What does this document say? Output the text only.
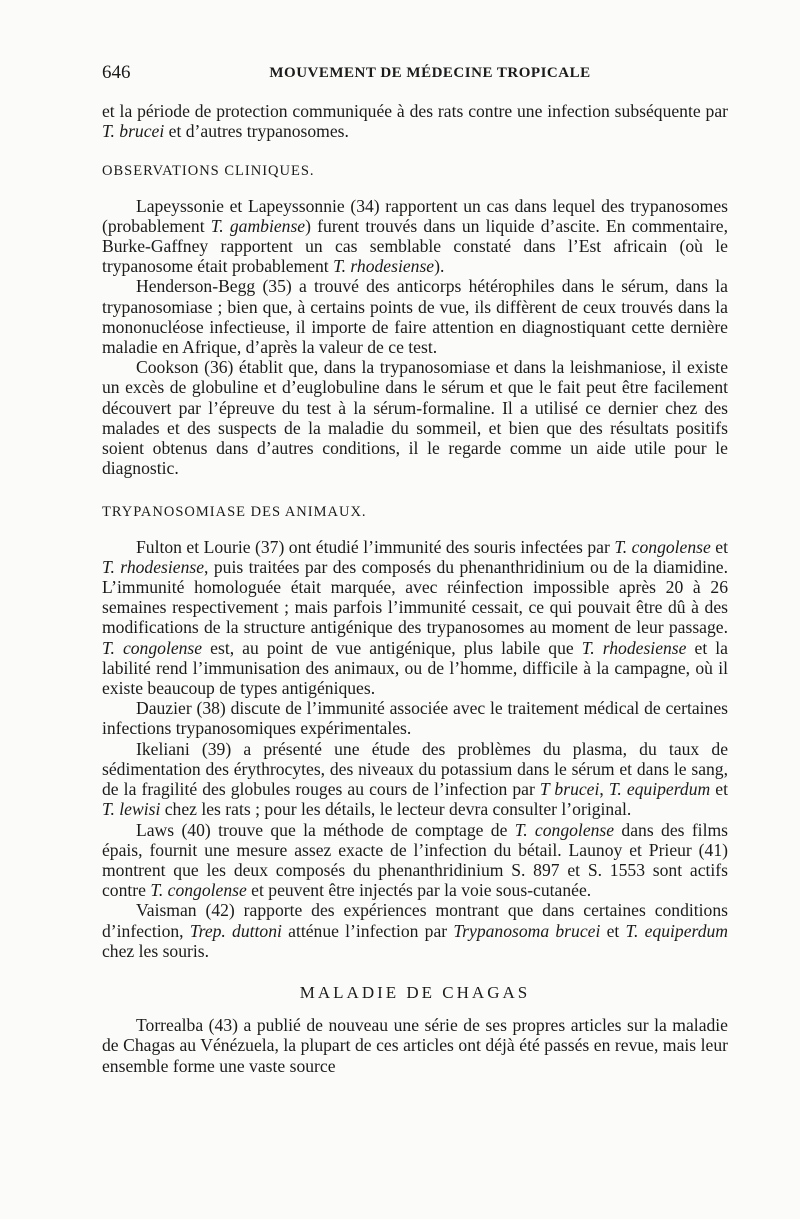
646	MOUVEMENT DE MÉDECINE TROPICALE

et la période de protection communiquée à des rats contre une infection subséquente par T. brucei et d’autres trypanosomes.

OBSERVATIONS CLINIQUES.

Lapeyssonie et Lapeyssonnie (34) rapportent un cas dans lequel des trypanosomes (probablement T. gambiense) furent trouvés dans un liquide d’ascite. En commentaire, Burke-Gaffney rapportent un cas semblable constaté dans l’Est africain (où le trypanosome était probablement T. rhodesiense).

Henderson-Begg (35) a trouvé des anticorps hétérophiles dans le sérum, dans la trypanosomiase ; bien que, à certains points de vue, ils diffèrent de ceux trouvés dans la mononucléose infectieuse, il importe de faire attention en diagnostiquant cette dernière maladie en Afrique, d’après la valeur de ce test.

Cookson (36) établit que, dans la trypanosomiase et dans la leishmaniose, il existe un excès de globuline et d’euglobuline dans le sérum et que le fait peut être facilement découvert par l’épreuve du test à la sérum-formaline. Il a utilisé ce dernier chez des malades et des suspects de la maladie du sommeil, et bien que des résultats positifs soient obtenus dans d’autres conditions, il le regarde comme un aide utile pour le diagnostic.

TRYPANOSOMIASE DES ANIMAUX.

Fulton et Lourie (37) ont étudié l’immunité des souris infectées par T. congolense et T. rhodesiense, puis traitées par des composés du phenanthridinium ou de la diamidine. L’immunité homologuée était marquée, avec réinfection impossible après 20 à 26 semaines respectivement ; mais parfois l’immunité cessait, ce qui pouvait être dû à des modifications de la structure antigénique des trypanosomes au moment de leur passage. T. congolense est, au point de vue antigénique, plus labile que T. rhodesiense et la labilité rend l’immunisation des animaux, ou de l’homme, difficile à la campagne, où il existe beaucoup de types antigéniques.

Dauzier (38) discute de l’immunité associée avec le traitement médical de certaines infections trypanosomiques expérimentales.

Ikeliani (39) a présenté une étude des problèmes du plasma, du taux de sédimentation des érythrocytes, des niveaux du potassium dans le sérum et dans le sang, de la fragilité des globules rouges au cours de l’infection par T brucei, T. equiperdum et T. lewisi chez les rats ; pour les détails, le lecteur devra consulter l’original.

Laws (40) trouve que la méthode de comptage de T. congolense dans des films épais, fournit une mesure assez exacte de l’infection du bétail. Launoy et Prieur (41) montrent que les deux composés du phenanthridinium S. 897 et S. 1553 sont actifs contre T. congolense et peuvent être injectés par la voie sous-cutanée.

Vaisman (42) rapporte des expériences montrant que dans certaines conditions d’infection, Trep. duttoni atténue l’infection par Trypanosoma brucei et T. equiperdum chez les souris.

MALADIE DE CHAGAS

Torrealba (43) a publié de nouveau une série de ses propres articles sur la maladie de Chagas au Vénézuela, la plupart de ces articles ont déjà été passés en revue, mais leur ensemble forme une vaste source
